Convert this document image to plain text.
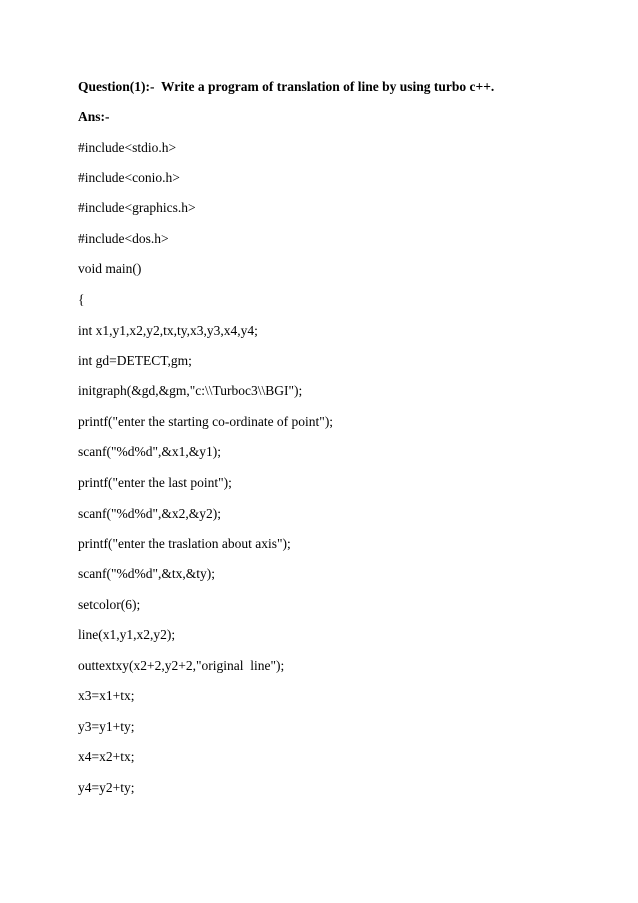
Question(1):-  Write a program of translation of line by using turbo c++.
Ans:-
#include<stdio.h>
#include<conio.h>
#include<graphics.h>
#include<dos.h>
void main()
{
int x1,y1,x2,y2,tx,ty,x3,y3,x4,y4;
int gd=DETECT,gm;
initgraph(&gd,&gm,"c:\\Turboc3\\BGI");
printf("enter the starting co-ordinate of point");
scanf("%d%d",&x1,&y1);
printf("enter the last point");
scanf("%d%d",&x2,&y2);
printf("enter the traslation about axis");
scanf("%d%d",&tx,&ty);
setcolor(6);
line(x1,y1,x2,y2);
outtextxy(x2+2,y2+2,"original  line");
x3=x1+tx;
y3=y1+ty;
x4=x2+tx;
y4=y2+ty;
